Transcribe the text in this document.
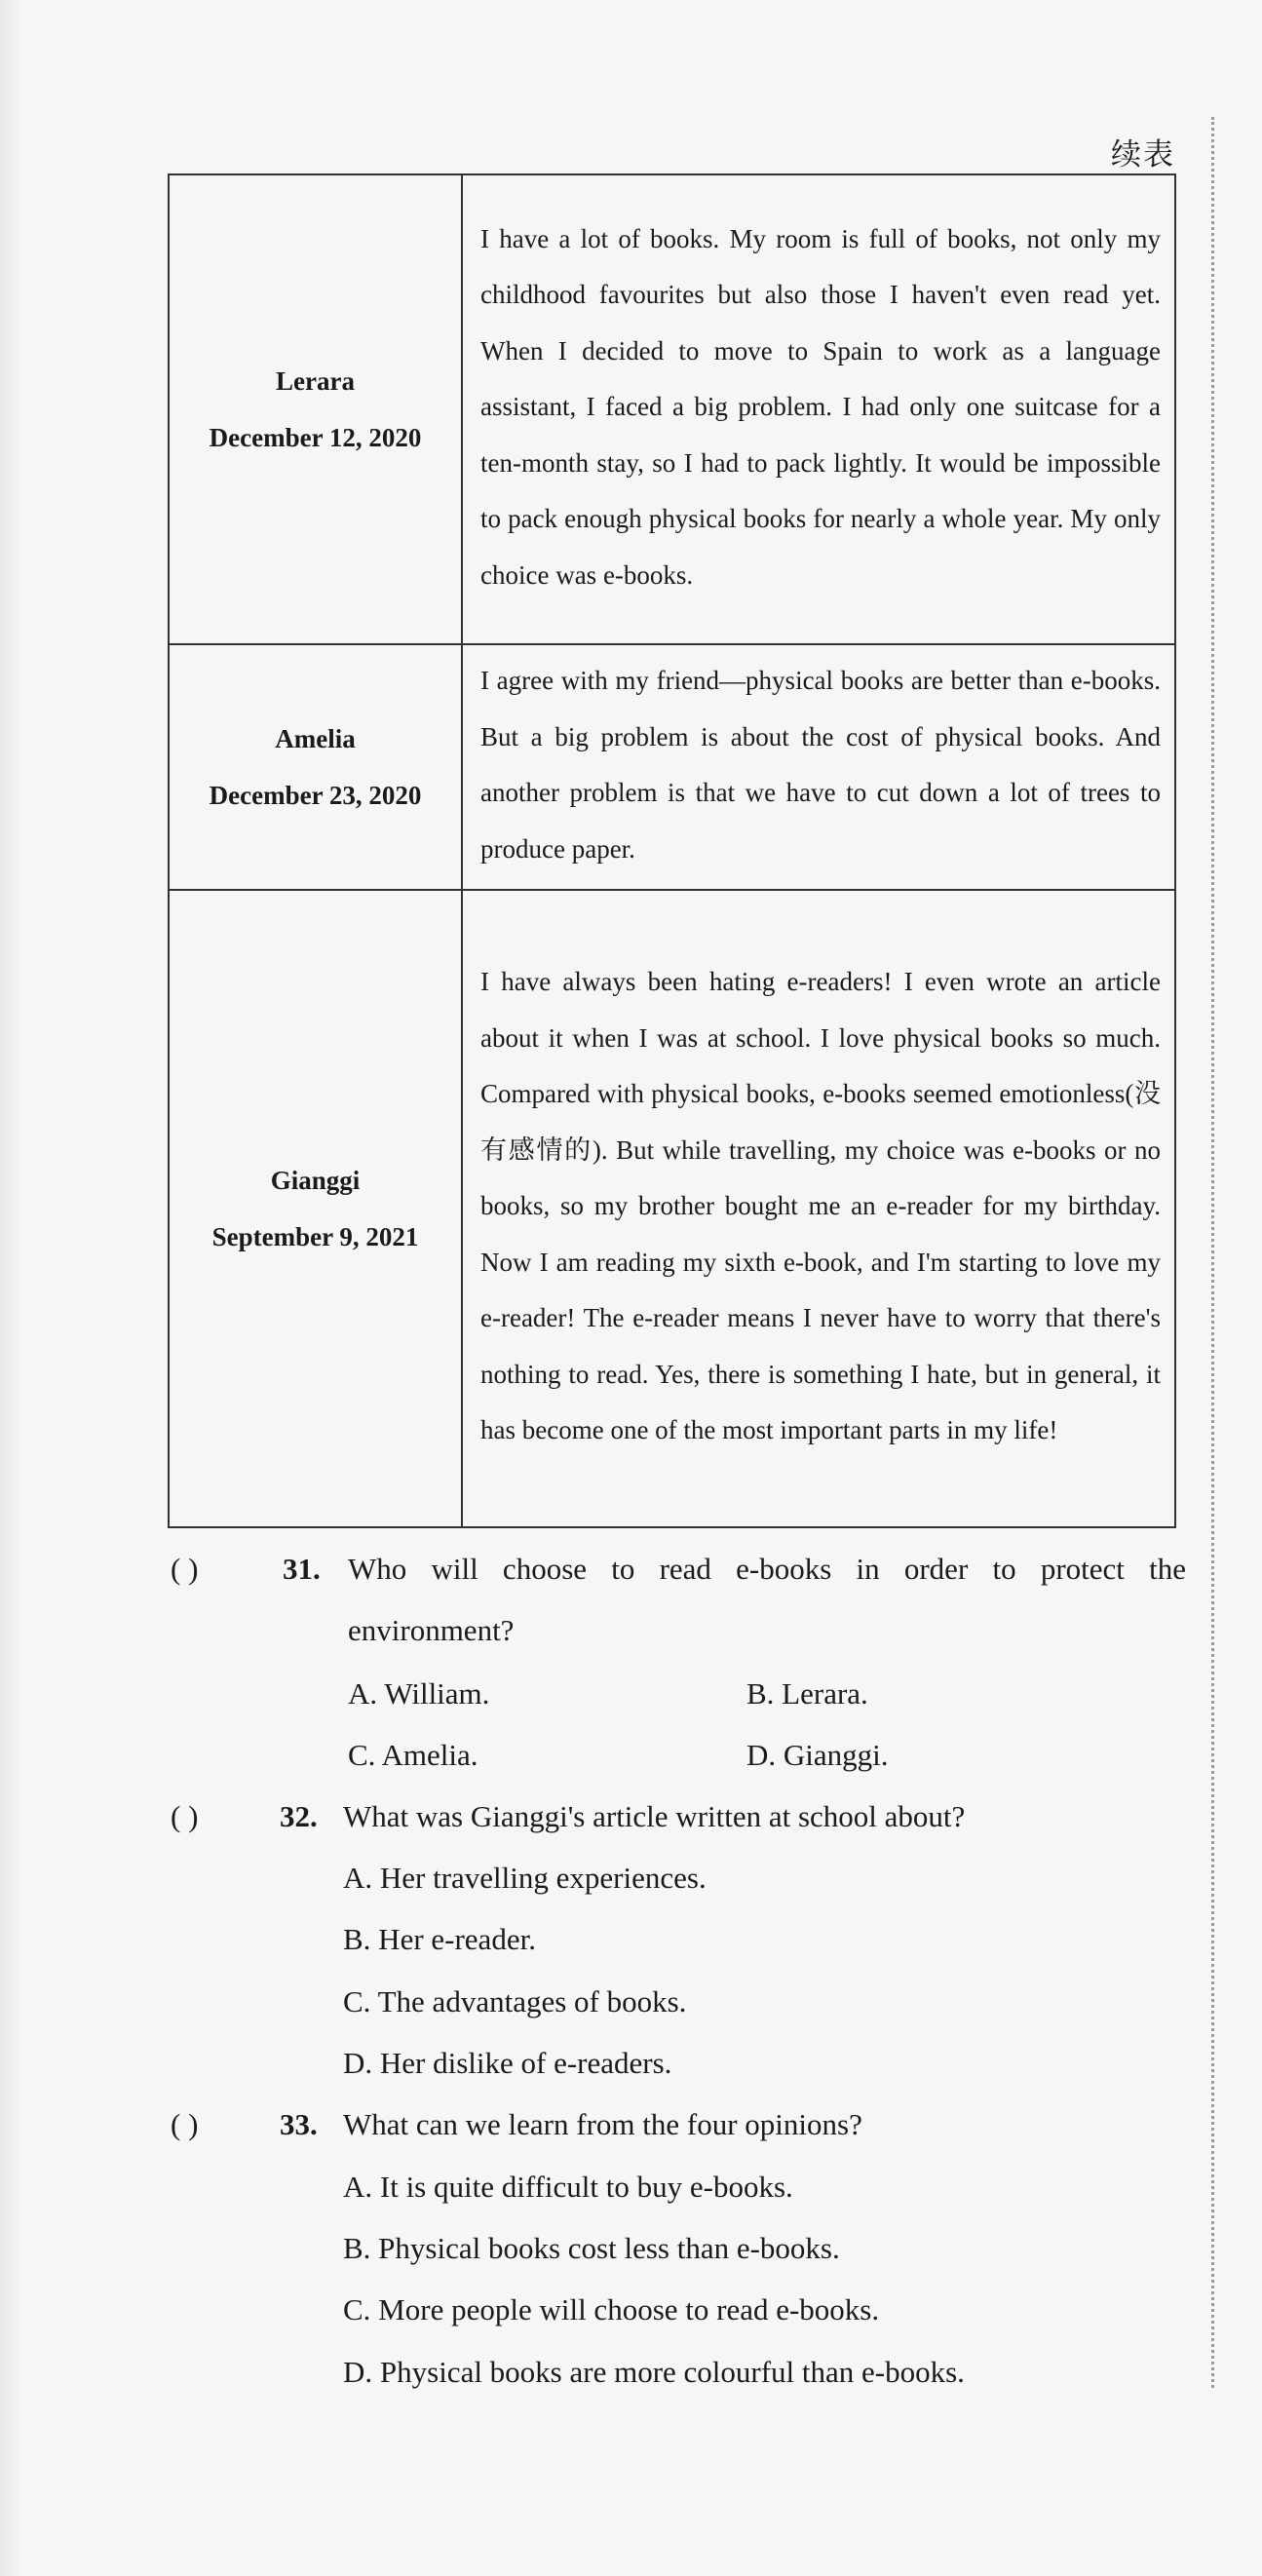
续表
Lerara
December 12, 2020	I have a lot of books. My room is full of books, not only my childhood favourites but also those I haven't even read yet. When I decided to move to Spain to work as a language assistant, I faced a big problem. I had only one suitcase for a ten-month stay, so I had to pack lightly. It would be impossible to pack enough physical books for nearly a whole year. My only choice was e-books.

Amelia
December 23, 2020	I agree with my friend—physical books are better than e-books. But a big problem is about the cost of physical books. And another problem is that we have to cut down a lot of trees to produce paper.

Gianggi
September 9, 2021	I have always been hating e-readers! I even wrote an article about it when I was at school. I love physical books so much. Compared with physical books, e-books seemed emotionless(没有感情的). But while travelling, my choice was e-books or no books, so my brother bought me an e-reader for my birthday. Now I am reading my sixth e-book, and I'm starting to love my e-reader! The e-reader means I never have to worry that there's nothing to read. Yes, there is something I hate, but in general, it has become one of the most important parts in my life!
( )	31. Who will choose to read e-books in order to protect the environment?
A. William.	B. Lerara.
C. Amelia.	D. Gianggi.
( )	32. What was Gianggi's article written at school about?
A. Her travelling experiences.
B. Her e-reader.
C. The advantages of books.
D. Her dislike of e-readers.
( )	33. What can we learn from the four opinions?
A. It is quite difficult to buy e-books.
B. Physical books cost less than e-books.
C. More people will choose to read e-books.
D. Physical books are more colourful than e-books.
